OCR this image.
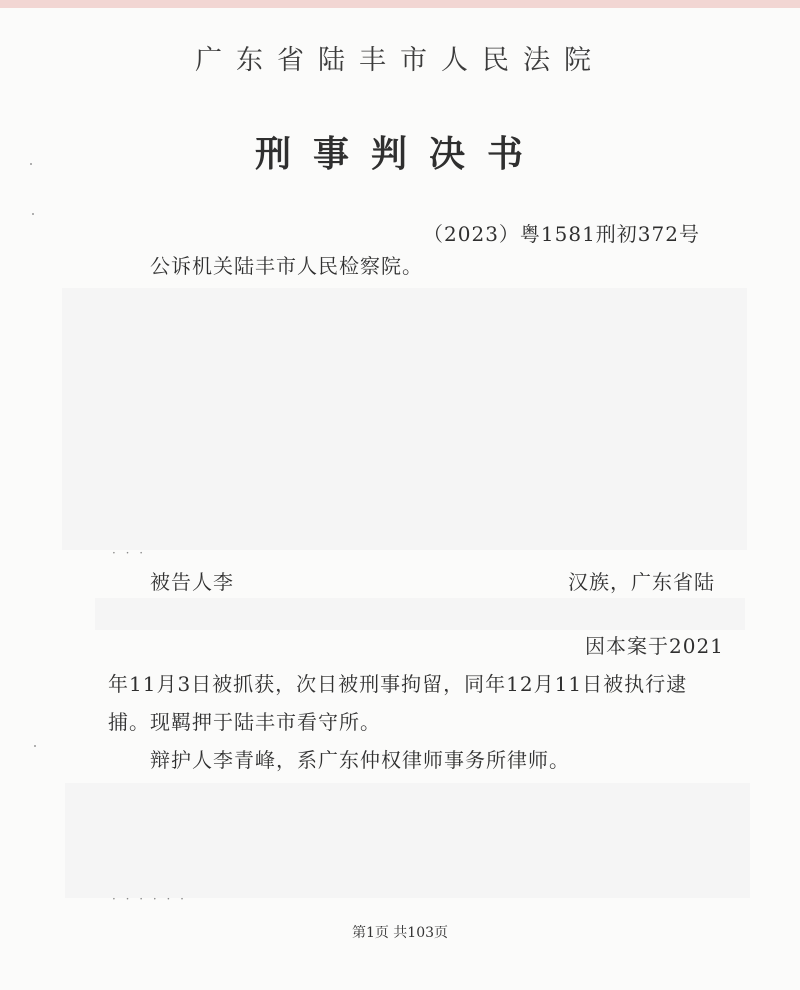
广东省陆丰市人民法院
刑事判决书
（2023）粤1581刑初372号
公诉机关陆丰市人民检察院。
· · ·
被告人李	汉族，广东省陆
因本案于2021
年11月3日被抓获，次日被刑事拘留，同年12月11日被执行逮
捕。现羁押于陆丰市看守所。
辩护人李青峰，系广东仲权律师事务所律师。
· · · · · ·
第1页 共103页
